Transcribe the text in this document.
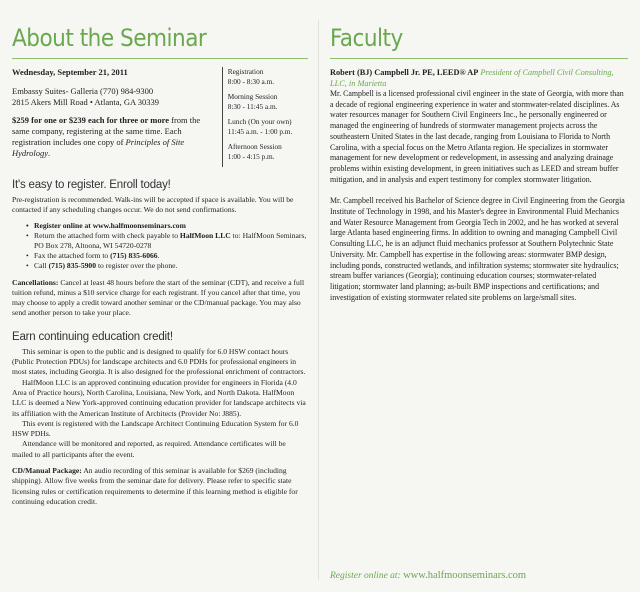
About the Seminar
Wednesday, September 21, 2011
Embassy Suites- Galleria (770) 984-9300
2815 Akers Mill Road • Atlanta, GA 30339
$259 for one or $239 each for three or more from the same company, registering at the same time. Each registration includes one copy of Principles of Site Hydrology.
Registration
8:00 - 8:30 a.m.
Morning Session
8:30 - 11:45 a.m.
Lunch (On your own)
11:45 a.m. - 1:00 p.m.
Afternoon Session
1:00 - 4:15 p.m.
It's easy to register. Enroll today!

Pre-registration is recommended. Walk-ins will be accepted if space is available. You will be contacted if any scheduling changes occur. We do not send confirmations.

• Register online at www.halfmoonseminars.com
• Return the attached form with check payable to HalfMoon LLC to: HalfMoon Seminars, PO Box 278, Altoona, WI 54720-0278
• Fax the attached form to (715) 835-6066.
• Call (715) 835-5900 to register over the phone.

Cancellations: Cancel at least 48 hours before the start of the seminar (CDT), and receive a full tuition refund, minus a $10 service charge for each registrant. If you cancel after that time, you may choose to apply a credit toward another seminar or the CD/manual package. You may also send another person to take your place.

Earn continuing education credit!

This seminar is open to the public and is designed to qualify for 6.0 HSW contact hours (Public Protection PDUs) for landscape architects and 6.0 PDHs for professional engineers in most states, including Georgia. It is also designed for the professional enrichment of contractors.

HalfMoon LLC is an approved continuing education provider for engineers in Florida (4.0 Area of Practice hours), North Carolina, Louisiana, New York, and North Dakota. HalfMoon LLC is deemed a New York-approved continuing education provider for landscape architects via its affiliation with the American Institute of Architects (Provider No: J885).

This event is registered with the Landscape Architect Continuing Education System for 6.0 HSW PDHs.

Attendance will be monitored and reported, as required. Attendance certificates will be mailed to all participants after the event.

CD/Manual Package: An audio recording of this seminar is available for $269 (including shipping). Allow five weeks from the seminar date for delivery. Please refer to specific state licensing rules or certification requirements to determine if this learning method is eligible for continuing education credit.

Faculty
Robert (BJ) Campbell Jr. PE, LEED® AP President of Campbell Civil Consulting, LLC, in Marietta

Mr. Campbell is a licensed professional civil engineer in the state of Georgia, with more than a decade of regional engineering experience in water and stormwater-related disciplines. As water resources manager for Southern Civil Engineers Inc., he personally engineered or managed the engineering of hundreds of stormwater management projects across the southeastern United States in the last decade, ranging from Louisiana to Florida to North Carolina, with a special focus on the Metro Atlanta region. He specializes in stormwater management for new development or redevelopment, in assessing and analyzing drainage problems within existing development, in green initiatives such as LEED and stream buffer mitigation, and in analysis and expert testimony for complex stormwater litigation.

Mr. Campbell received his Bachelor of Science degree in Civil Engineering from the Georgia Institute of Technology in 1998, and his Master's degree in Environmental Fluid Mechanics and Water Resource Management from Georgia Tech in 2002, and he has worked at several large Atlanta based engineering firms. In addition to owning and managing Campbell Civil Consulting LLC, he is an adjunct fluid mechanics professor at Southern Polytechnic State University. Mr. Campbell has expertise in the following areas: stormwater BMP design, including ponds, constructed wetlands, and infiltration systems; stormwater site hydraulics; stream buffer variances (Georgia); continuing education courses; stormwater-related litigation; stormwater land planning; as-built BMP inspections and certifications; and investigation of existing stormwater related site problems on large/small sites.

Register online at: www.halfmoonseminars.com
